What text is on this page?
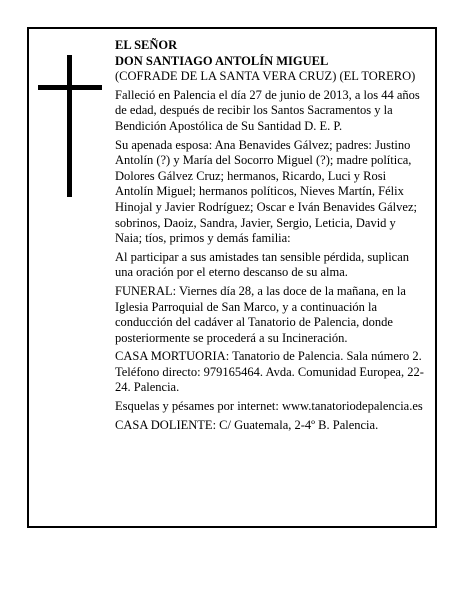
EL SEÑOR

DON SANTIAGO ANTOLÍN MIGUEL

(COFRADE DE LA SANTA VERA CRUZ) (EL TORERO)

Falleció en Palencia el día 27 de junio de 2013, a los 44 años de edad, después de recibir los Santos Sacramentos y la Bendición Apostólica de Su Santidad D. E. P.

Su apenada esposa: Ana Benavides Gálvez; padres: Justino Antolín (?) y María del Socorro Miguel (?); madre política, Dolores Gálvez Cruz; hermanos, Ricardo, Luci y Rosi Antolín Miguel; hermanos políticos, Nieves Martín, Félix Hinojal y Javier Rodríguez; Oscar e Iván Benavides Gálvez; sobrinos, Daoiz, Sandra, Javier, Sergio, Leticia, David y Naia; tíos, primos y demás familia:

Al participar a sus amistades tan sensible pérdida, suplican una oración por el eterno descanso de su alma.

FUNERAL: Viernes día 28, a las doce de la mañana, en la Iglesia Parroquial de San Marco, y a continuación la conducción del cadáver al Tanatorio de Palencia, donde posteriormente se procederá a su Incineración.

CASA MORTUORIA: Tanatorio de Palencia. Sala número 2. Teléfono directo: 979165464. Avda. Comunidad Europea, 22-24. Palencia.

Esquelas y pésames por internet: www.tanatoriodepalencia.es

CASA DOLIENTE: C/ Guatemala, 2-4º B. Palencia.
